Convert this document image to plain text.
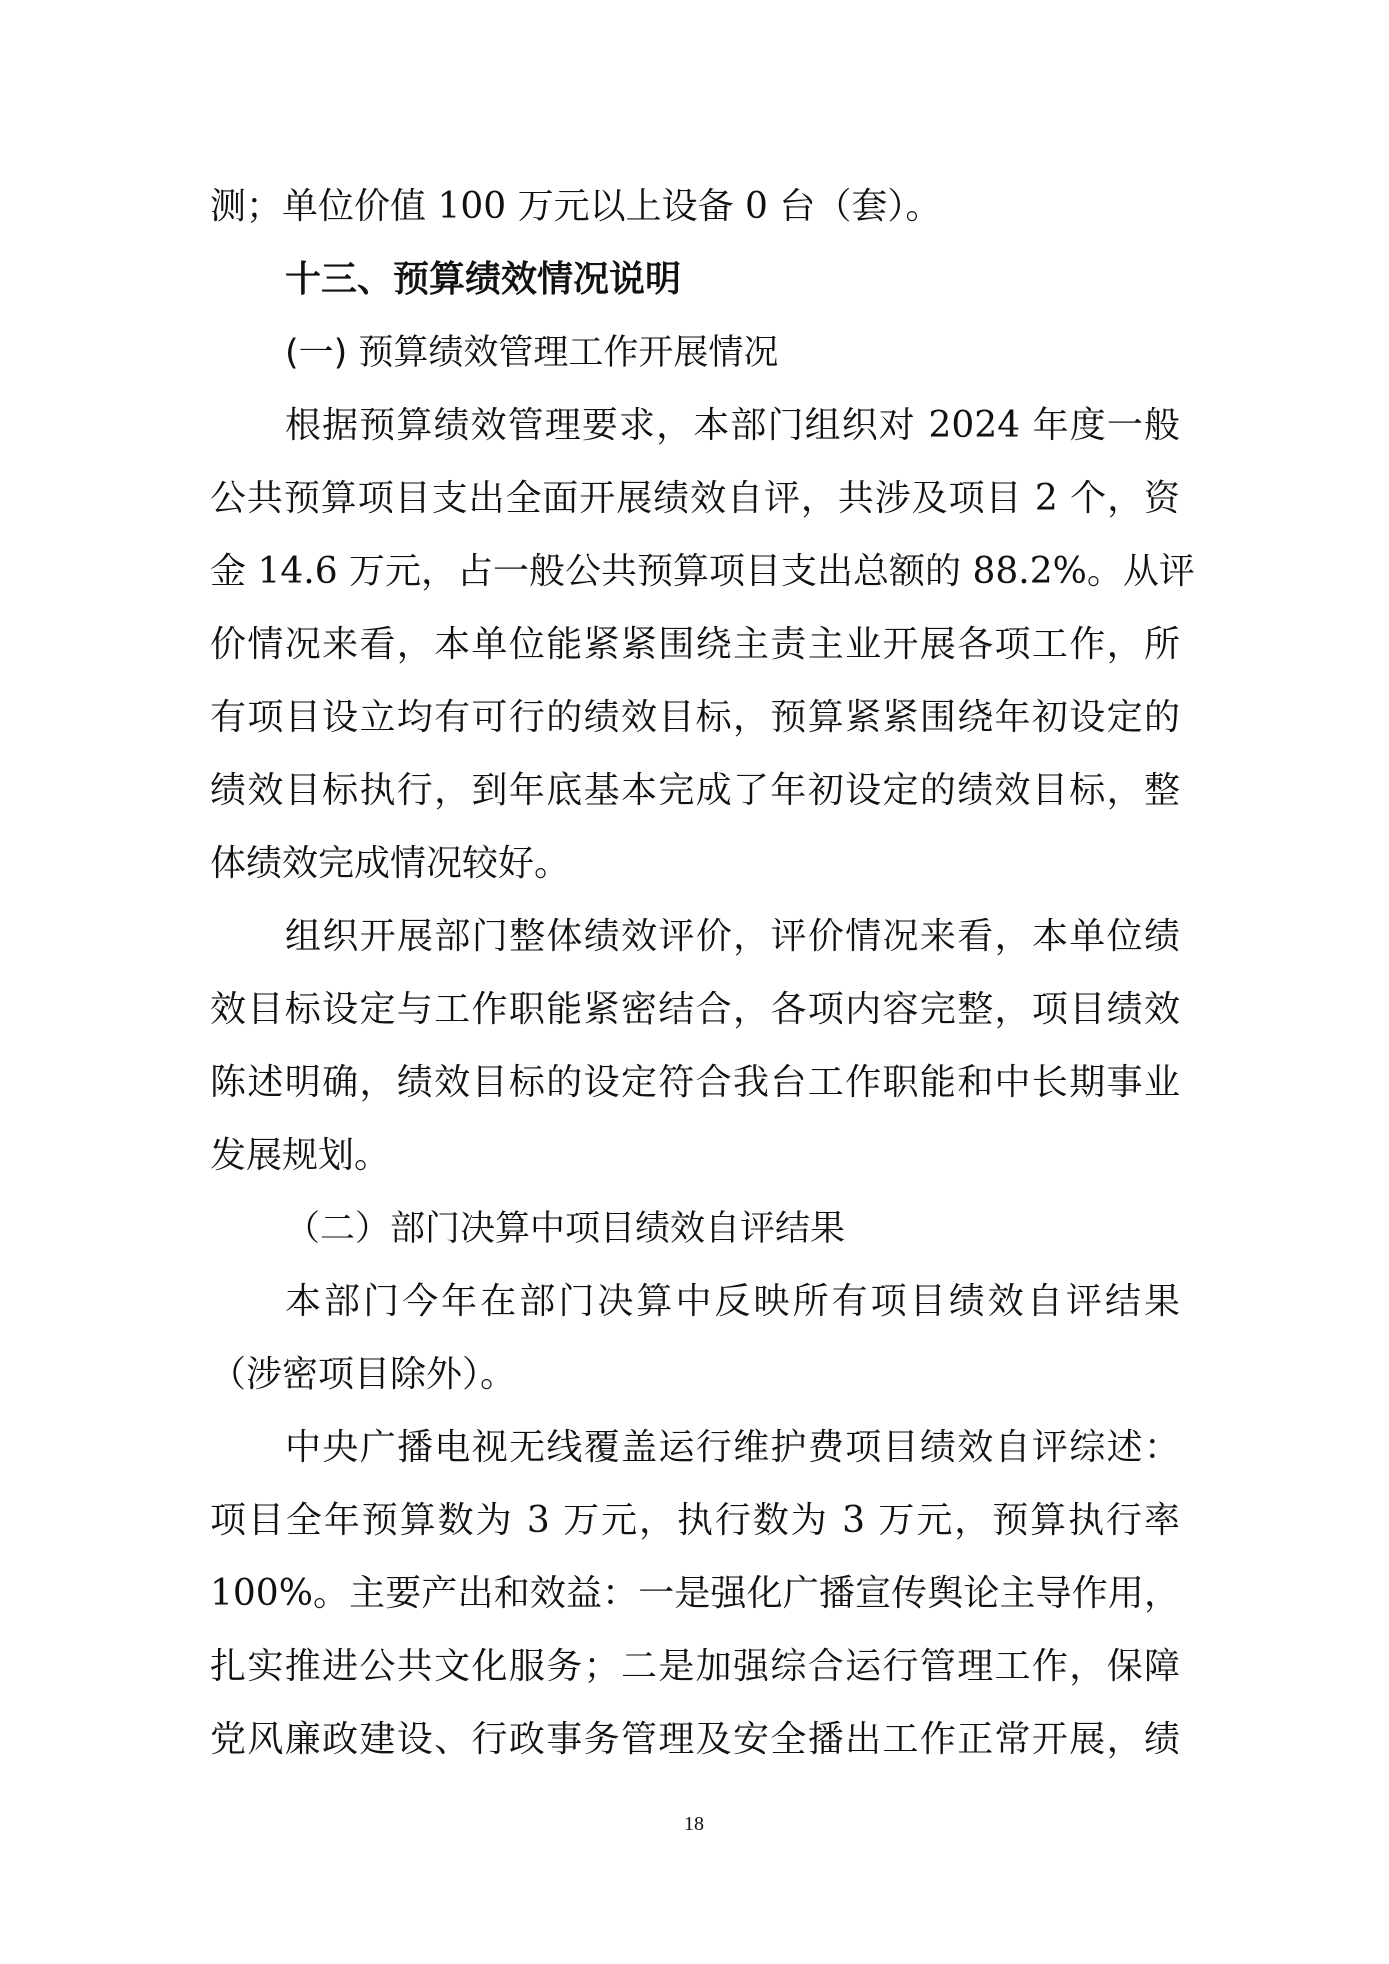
测；单位价值 100 万元以上设备 0 台（套）。

十三、预算绩效情况说明

(一) 预算绩效管理工作开展情况

根据预算绩效管理要求，本部门组织对 2024 年度一般

公共预算项目支出全面开展绩效自评，共涉及项目 2 个，资

金 14.6 万元，占一般公共预算项目支出总额的 88.2%。从评

价情况来看，本单位能紧紧围绕主责主业开展各项工作，所

有项目设立均有可行的绩效目标，预算紧紧围绕年初设定的

绩效目标执行，到年底基本完成了年初设定的绩效目标，整

体绩效完成情况较好。

组织开展部门整体绩效评价，评价情况来看，本单位绩

效目标设定与工作职能紧密结合，各项内容完整，项目绩效

陈述明确，绩效目标的设定符合我台工作职能和中长期事业

发展规划。

（二）部门决算中项目绩效自评结果

本部门今年在部门决算中反映所有项目绩效自评结果

（涉密项目除外）。

中央广播电视无线覆盖运行维护费项目绩效自评综述：

项目全年预算数为 3 万元，执行数为 3 万元，预算执行率

100%。主要产出和效益：一是强化广播宣传舆论主导作用，

扎实推进公共文化服务；二是加强综合运行管理工作，保障

党风廉政建设、行政事务管理及安全播出工作正常开展，绩

18
